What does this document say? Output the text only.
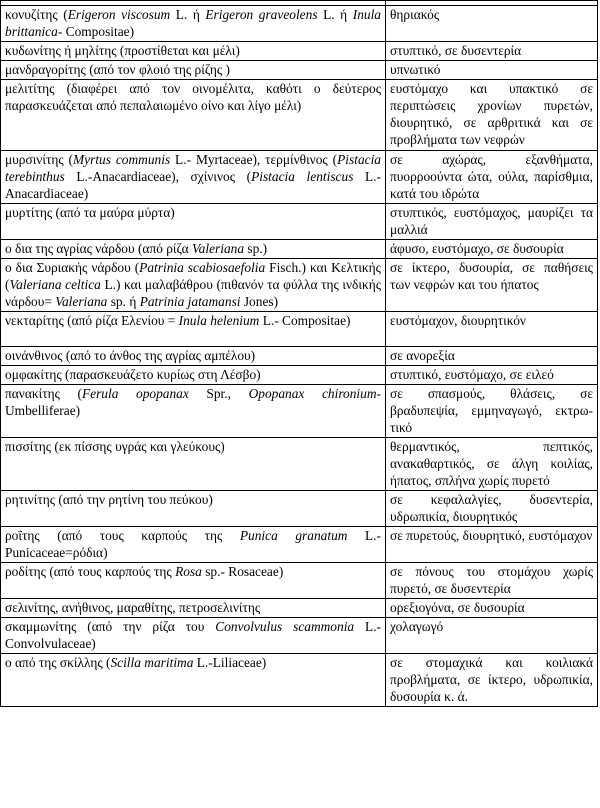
κονυζίτης (Erigeron viscosum L. ή Erigeron graveolens L. ή Inula brittanica- Compositae)	θηριακός
κυδωνίτης ή μηλίτης (προστίθεται και μέλι)	στυπτικό, σε δυσεντερία
μανδραγορίτης (από τον φλοιό της ρίζης )	υπνωτικό
μελιτίτης (διαφέρει από τον οινομέλιτα, καθότι ο δεύτερος παρασκευάζεται από πεπαλαιωμένο οίνο και λίγο μέλι)	ευστόμαχο και υπακτικό σε περιπτώσεις χρονίων πυρετών, διουρητικό, σε αρθριτικά και σε προβλήματα των νεφρών
μυρσινίτης (Myrtus communis L.- Myrtaceae), τερμίνθινος (Pistacia terebinthus L.-Anacardiaceae), σχίνινος (Pistacia lentiscus L.-Anacardiaceae)	σε αχώρας, εξανθήματα, πυορροούντα ώτα, ούλα, παρίσθμια, κατά του ιδρώτα
μυρτίτης (από τα μαύρα μύρτα)	στυπτικός, ευστόμαχος, μαυρίζει τα μαλλιά
ο δια της αγρίας νάρδου (από ρίζα Valeriana sp.)	άφυσο, ευστόμαχο, σε δυσουρία
ο δια Συριακής νάρδου (Patrinia scabiosaefolia Fisch.) και Κελτικής (Valeriana celtica L.) και μαλαβάθρου (πιθανόν τα φύλλα της ινδικής νάρδου= Valeriana sp. ή Patrinia jatamansi Jones)	σε ίκτερο, δυσουρία, σε παθήσεις των νεφρών και του ήπατος
νεκταρίτης (από ρίζα Ελενίου = Inula helenium L.- Compositae)	ευστόμαχον, διουρητικόν
οινάνθινος (από το άνθος της αγρίας αμπέλου)	σε ανορεξία
ομφακίτης (παρασκευάζετο κυρίως στη Λέσβο)	στυπτικό, ευστόμαχο, σε ειλεό
πανακίτης (Ferula opopanax Spr., Opopanax chironium- Umbelliferae)	σε σπασμούς, θλάσεις, σε βραδυπεψία, εμμηναγωγό, εκτρω-τικό
πισσίτης (εκ πίσσης υγράς και γλεύκους)	θερμαντικός, πεπτικός, ανακαθαρτικός, σε άλγη κοιλίας, ήπατος, σπλήνα χωρίς πυρετό
ρητινίτης (από την ρητίνη του πεύκου)	σε κεφαλαλγίες, δυσεντερία, υδρωπικία, διουρητικός
ροΐτης (από τους καρπούς της Punica granatum L.- Punicaceae=ρόδια)	σε πυρετούς, διουρητικό, ευστόμαχον
ροδίτης (από τους καρπούς της Rosa sp.- Rosaceae)	σε πόνους του στομάχου χωρίς πυρετό, σε δυσεντερία
σελινίτης, ανήθινος, μαραθίτης, πετροσελινίτης	ορεξιογόνα, σε δυσουρία
σκαμμωνίτης (από την ρίζα του Convolvulus scammonia L.- Convolvulaceae)	χολαγωγό
ο από της σκίλλης (Scilla maritima L.-Liliaceae)	σε στομαχικά και κοιλιακά προβλήματα, σε ίκτερο, υδρωπικία, δυσουρία κ. ά.
